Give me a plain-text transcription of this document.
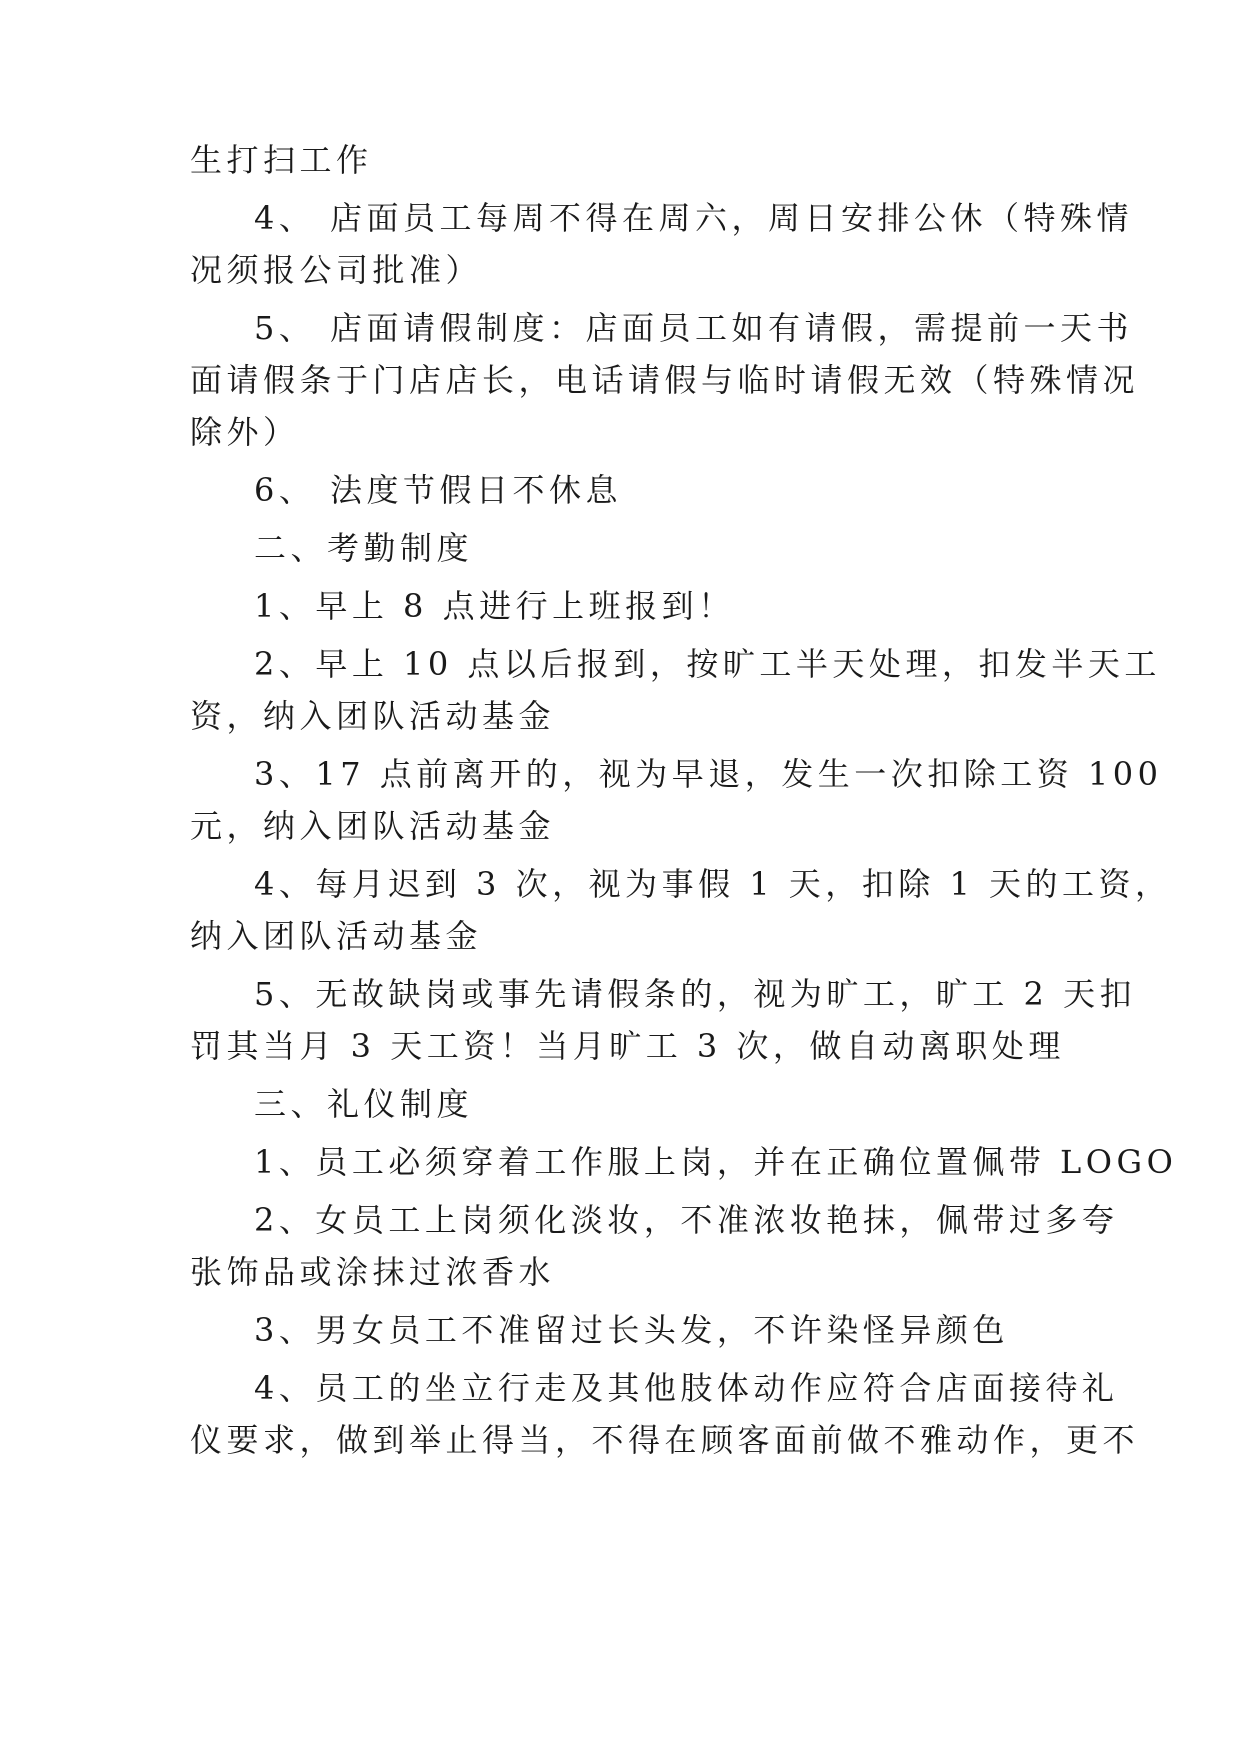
生打扫工作
4、 店面员工每周不得在周六，周日安排公休（特殊情
况须报公司批准）
5、 店面请假制度：店面员工如有请假，需提前一天书
面请假条于门店店长，电话请假与临时请假无效（特殊情况
除外）
6、 法度节假日不休息
二、考勤制度
1、早上 8 点进行上班报到！
2、早上 10 点以后报到，按旷工半天处理，扣发半天工
资，纳入团队活动基金
3、17 点前离开的，视为早退，发生一次扣除工资 100
元，纳入团队活动基金
4、每月迟到 3 次，视为事假 1 天，扣除 1 天的工资，
纳入团队活动基金
5、无故缺岗或事先请假条的，视为旷工，旷工 2 天扣
罚其当月 3 天工资！当月旷工 3 次，做自动离职处理
三、礼仪制度
1、员工必须穿着工作服上岗，并在正确位置佩带 LOGO
2、女员工上岗须化淡妆，不准浓妆艳抹，佩带过多夸
张饰品或涂抹过浓香水
3、男女员工不准留过长头发，不许染怪异颜色
4、员工的坐立行走及其他肢体动作应符合店面接待礼
仪要求，做到举止得当，不得在顾客面前做不雅动作，更不
